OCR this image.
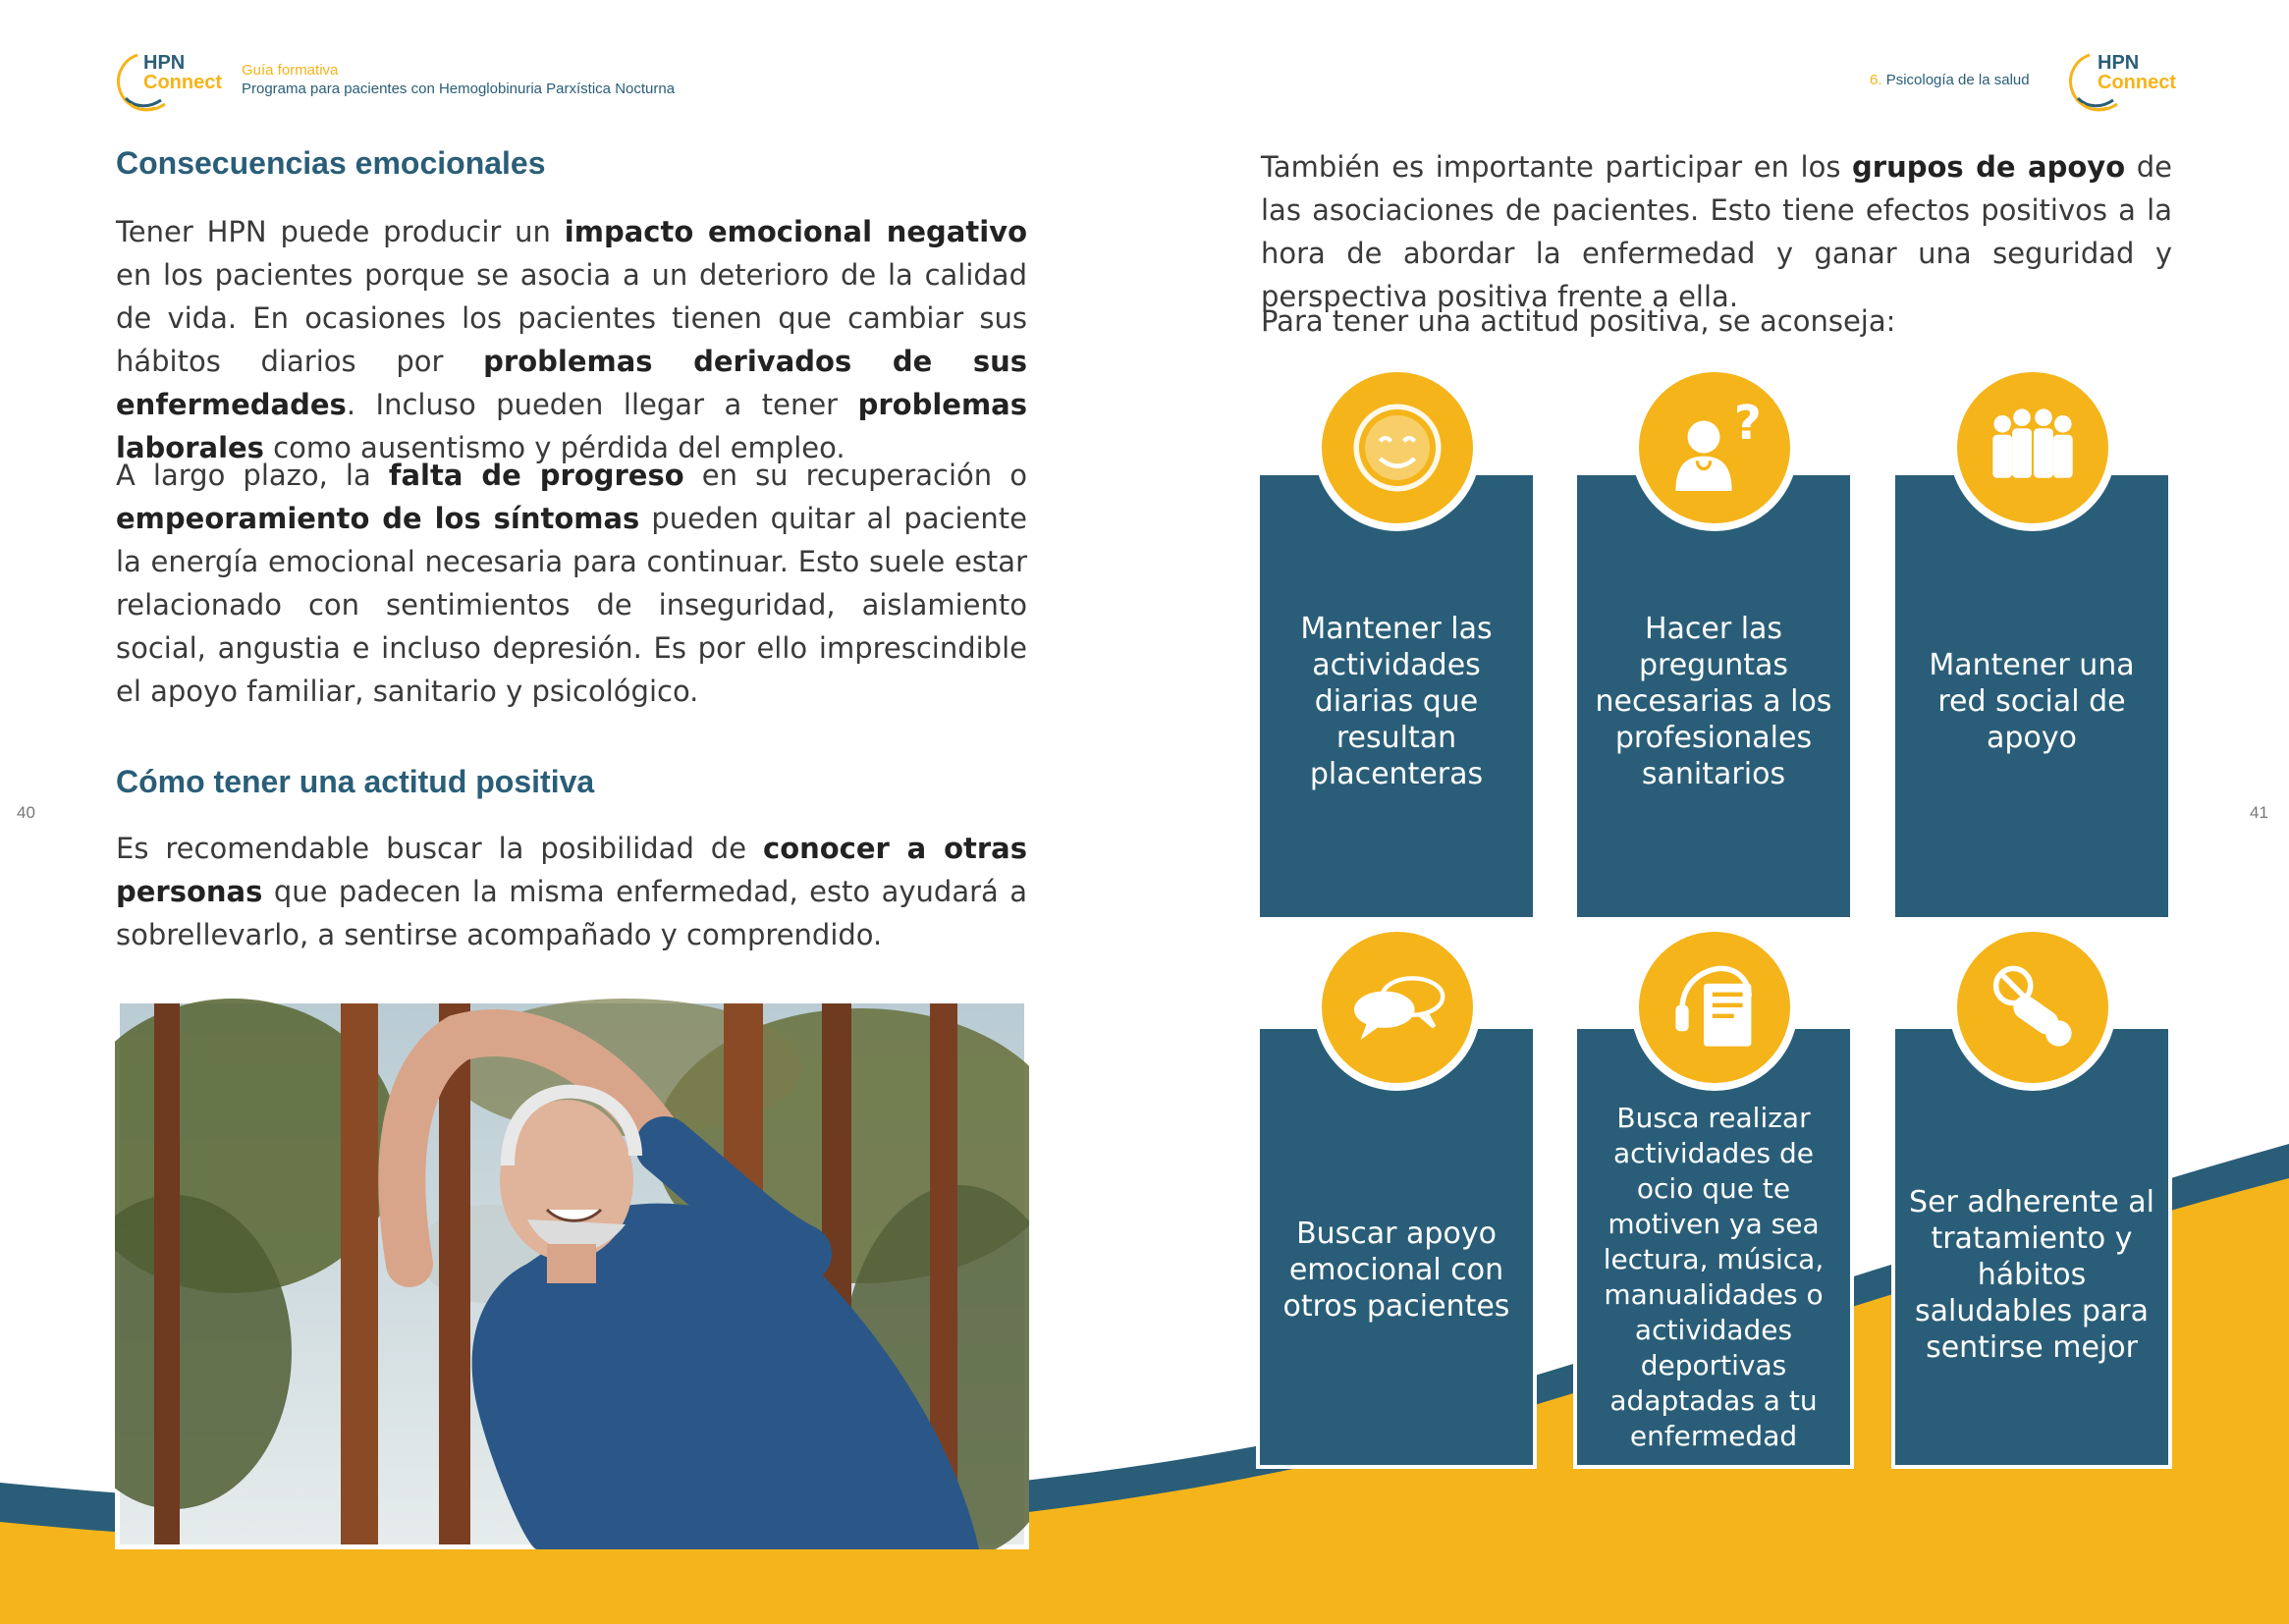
HPN
Connect
Guía formativa
Programa para pacientes con Hemoglobinuria Parxística Nocturna
6. Psicología de la salud
HPN
Connect
40	41
Consecuencias emocionales

Tener HPN puede producir un impacto emocional negativo en los pacientes porque se asocia a un deterioro de la calidad de vida. En ocasiones los pacientes tienen que cambiar sus hábitos diarios por problemas derivados de sus enfermedades. Incluso pueden llegar a tener problemas laborales como ausentismo y pérdida del empleo.

A largo plazo, la falta de progreso en su recuperación o empeoramiento de los síntomas pueden quitar al paciente la energía emocional necesaria para continuar. Esto suele estar relacionado con sentimientos de inseguridad, aislamiento social, angustia e incluso depresión. Es por ello imprescindible el apoyo familiar, sanitario y psicológico.

Cómo tener una actitud positiva

Es recomendable buscar la posibilidad de conocer a otras personas que padecen la misma enfermedad, esto ayudará a sobrellevarlo, a sentirse acompañado y comprendido.

También es importante participar en los grupos de apoyo de las asociaciones de pacientes. Esto tiene efectos positivos a la hora de abordar la enfermedad y ganar una seguridad y perspectiva positiva frente a ella.

Para tener una actitud positiva, se aconseja:

Mantener las actividades diarias que resultan placenteras
Hacer las preguntas necesarias a los profesionales sanitarios
Mantener una red social de apoyo
Buscar apoyo emocional con otros pacientes
Busca realizar actividades de ocio que te motiven ya sea lectura, música, manualidades o actividades deportivas adaptadas a tu enfermedad
Ser adherente al tratamiento y hábitos saludables para sentirse mejor
?
